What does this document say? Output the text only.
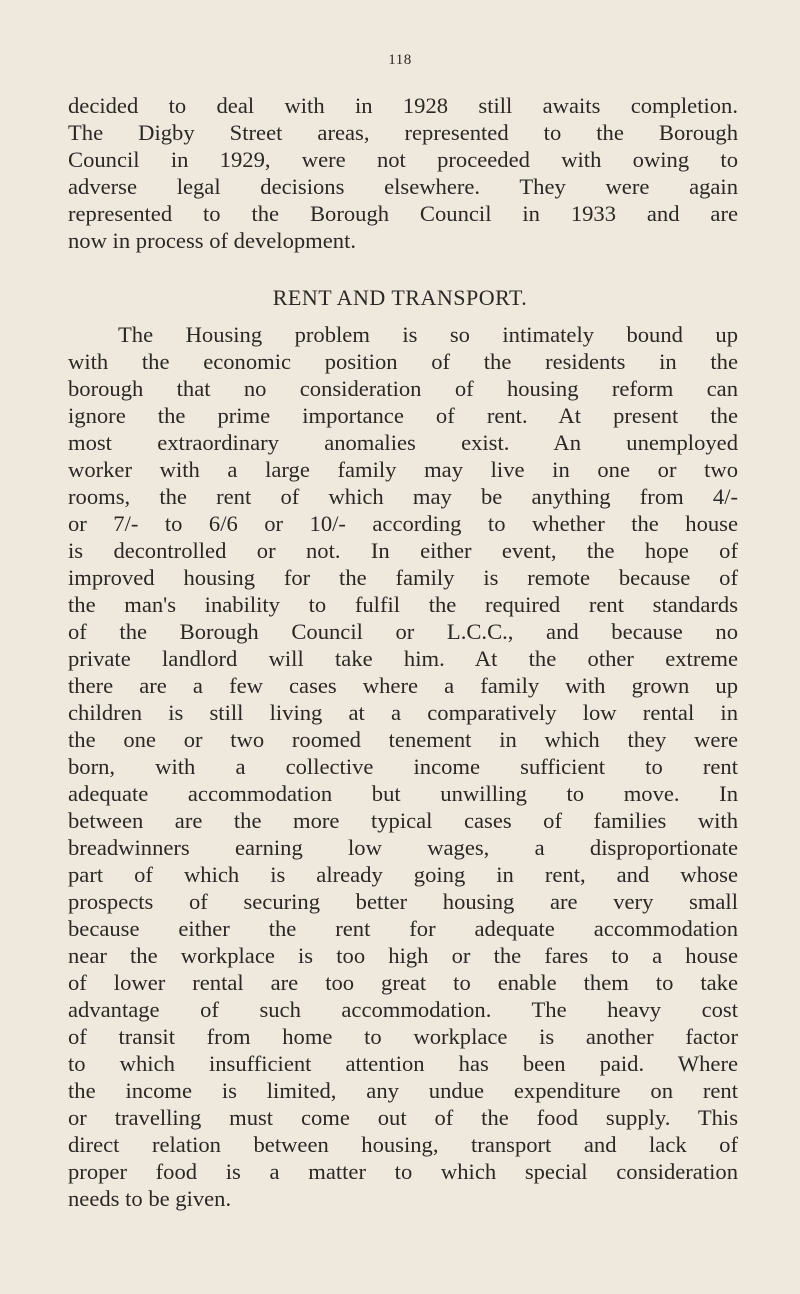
118
decided to deal with in 1928 still awaits completion.
The Digby Street areas, represented to the Borough
Council in 1929, were not proceeded with owing to
adverse legal decisions elsewhere. They were again
represented to the Borough Council in 1933 and are
now in process of development.
RENT AND TRANSPORT.
The Housing problem is so intimately bound up
with the economic position of the residents in the
borough that no consideration of housing reform can
ignore the prime importance of rent. At present the
most extraordinary anomalies exist. An unemployed
worker with a large family may live in one or two
rooms, the rent of which may be anything from 4/-
or 7/- to 6/6 or 10/- according to whether the house
is decontrolled or not. In either event, the hope of
improved housing for the family is remote because of
the man's inability to fulfil the required rent standards
of the Borough Council or L.C.C., and because no
private landlord will take him. At the other extreme
there are a few cases where a family with grown up
children is still living at a comparatively low rental in
the one or two roomed tenement in which they were
born, with a collective income sufficient to rent
adequate accommodation but unwilling to move. In
between are the more typical cases of families with
breadwinners earning low wages, a disproportionate
part of which is already going in rent, and whose
prospects of securing better housing are very small
because either the rent for adequate accommodation
near the workplace is too high or the fares to a house
of lower rental are too great to enable them to take
advantage of such accommodation. The heavy cost
of transit from home to workplace is another factor
to which insufficient attention has been paid. Where
the income is limited, any undue expenditure on rent
or travelling must come out of the food supply. This
direct relation between housing, transport and lack of
proper food is a matter to which special consideration
needs to be given.
